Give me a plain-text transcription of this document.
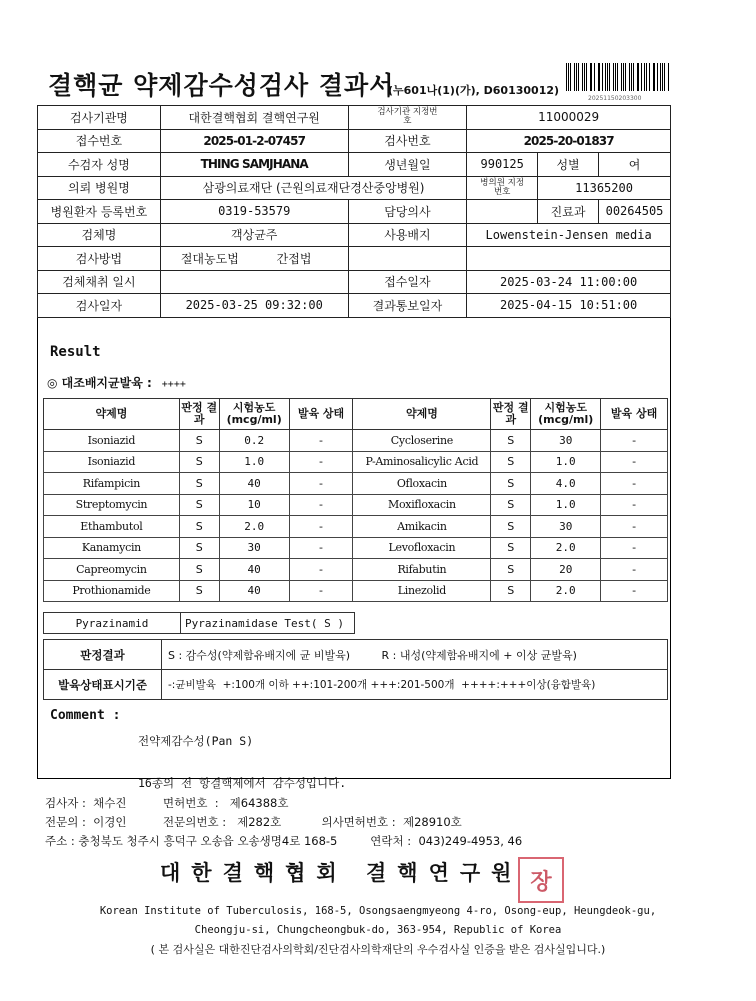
결핵균 약제감수성검사 결과서
(누601나(1)(가), D60130012)
20251150203300
검사기관명	대한결핵협회 결핵연구원	검사기관 지정번호	11000029		
접수번호	2025-01-2-07457	검사번호	2025-20-01837		
수검자 성명	THING SAMJHANA	생년월일	990125	성별	여
의뢰 병원명	삼광의료재단 (근원의료재단경산중앙병원)		병의원 지정번호	11365200	
병원환자 등록번호	0319-53579	담당의사		진료과	00264505
검체명	객상균주	사용배지	Lowenstein-Jensen media		
검사방법	절대농도법 간접법				
검체채취 일시		접수일자	2025-03-24 11:00:00		
검사일자	2025-03-25 09:32:00	결과통보일자	2025-04-15 10:51:00		
Result
◎ 대조배지균발육 : ++++
약제명	판정 결과	시험농도 (mcg/ml)	발육 상태	약제명	판정 결과	시험농도 (mcg/ml)	발육 상태
Isoniazid	S	0.2	-	Cycloserine	S	30	-
Isoniazid	S	1.0	-	P-Aminosalicylic Acid	S	1.0	-
Rifampicin	S	40	-	Ofloxacin	S	4.0	-
Streptomycin	S	10	-	Moxifloxacin	S	1.0	-
Ethambutol	S	2.0	-	Amikacin	S	30	-
Kanamycin	S	30	-	Levofloxacin	S	2.0	-
Capreomycin	S	40	-	Rifabutin	S	20	-
Prothionamide	S	40	-	Linezolid	S	2.0	-
Pyrazinamid	Pyrazinamidase Test( S )
판정결과	S : 감수성(약제함유배지에 균 비발육)         R : 내성(약제함유배지에 + 이상 균발육)
발육상태표시기준	-:균비발육  +:100개 이하 ++:101-200개 +++:201-500개  ++++:+++이상(융합발육)
Comment :

전약제감수성(Pan S)

16종의 전 항결핵제에서 감수성입니다.

검사자 :  채수진          면허번호  :   제64388호
전문의 :  이경인          전문의번호 :   제282호           의사면허번호 :  제28910호
주소 : 충청북도 청주시 흥덕구 오송읍 오송생명4로 168-5         연락처 :  043)249-4953, 46
대한결핵협회 결핵연구원 장
Korean Institute of Tuberculosis, 168-5, Osongsaengmyeong 4-ro, Osong-eup, Heungdeok-gu,
Cheongju-si, Chungcheongbuk-do, 363-954, Republic of Korea
( 본 검사실은 대한진단검사의학회/진단검사의학재단의 우수검사실 인증을 받은 검사실입니다.)
